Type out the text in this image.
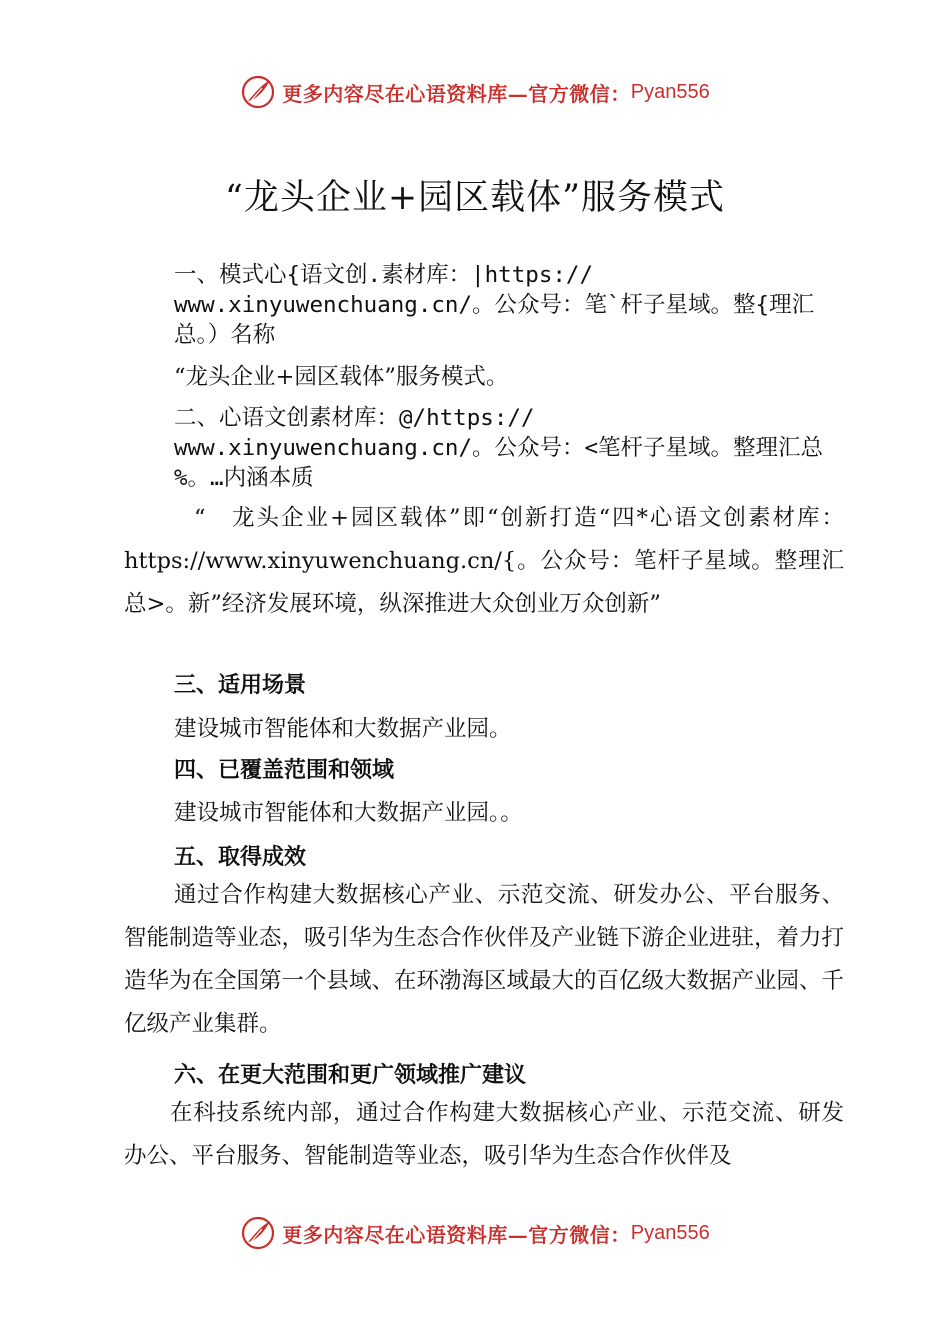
更多内容尽在心语资料库—官方微信： Pyan556
“龙头企业+园区载体”服务模式
一、模式心{语文创.素材库：|https://
www.xinyuwenchuang.cn/。公众号：笔`杆子星域。整{理汇
总。）名称
“龙头企业+园区载体”服务模式。
二、心语文创素材库：@/https://
www.xinyuwenchuang.cn/。公众号：<笔杆子星域。整理汇总
%。…内涵本质
“　龙头企业+园区载体”即“创新打造“四*心语文创素材库：https://www.xinyuwenchuang.cn/{。公众号：笔杆子星域。整理汇总>。新”经济发展环境，纵深推进大众创业万众创新”
三、适用场景
建设城市智能体和大数据产业园。
四、已覆盖范围和领域
建设城市智能体和大数据产业园。。
五、取得成效
通过合作构建大数据核心产业、示范交流、研发办公、平台服务、智能制造等业态，吸引华为生态合作伙伴及产业链下游企业进驻，着力打造华为在全国第一个县域、在环渤海区域最大的百亿级大数据产业园、千亿级产业集群。
六、在更大范围和更广领域推广建议
在科技系统内部，通过合作构建大数据核心产业、示范交流、研发办公、平台服务、智能制造等业态，吸引华为生态合作伙伴及
更多内容尽在心语资料库—官方微信： Pyan556
